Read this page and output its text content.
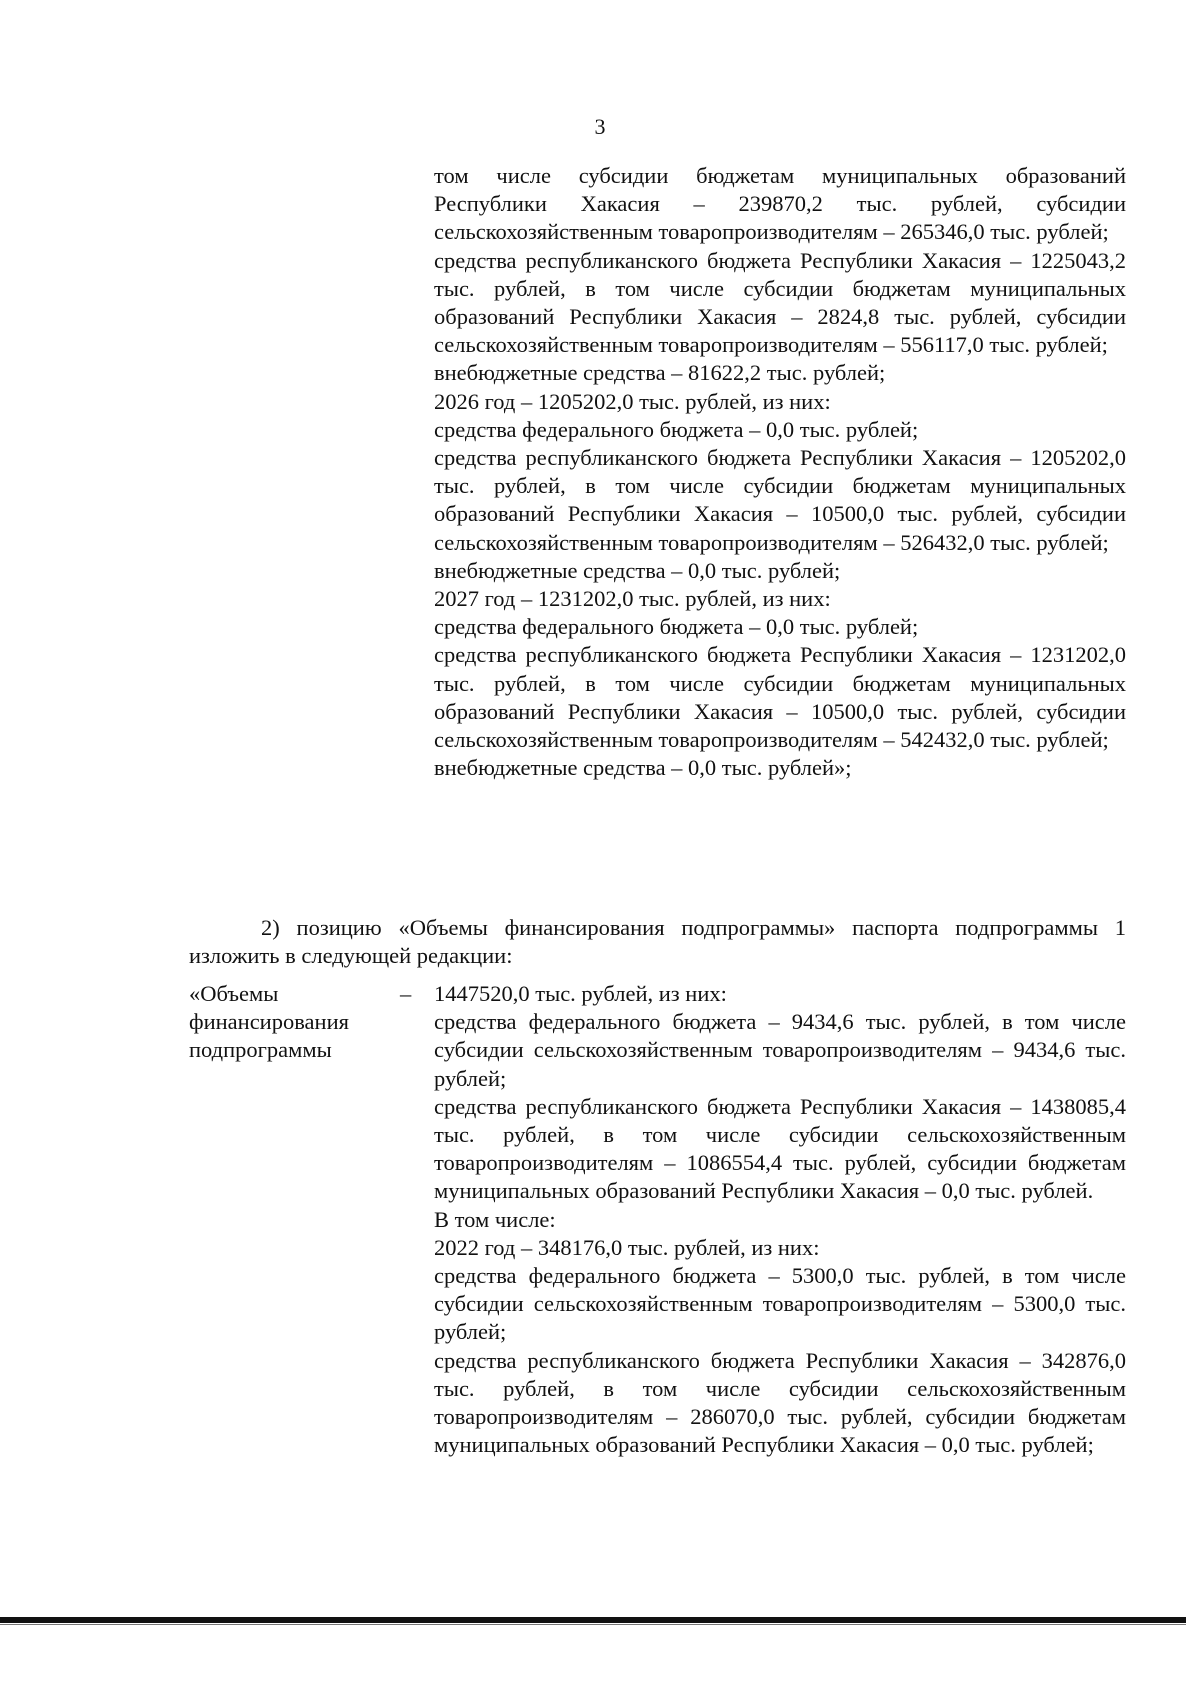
3

том числе субсидии бюджетам муниципальных образований Республики Хакасия – 239870,2 тыс. рублей, субсидии сельскохозяйственным товаропроизводителям – 265346,0 тыс. рублей;

средства республиканского бюджета Республики Хакасия – 1225043,2 тыс. рублей, в том числе субсидии бюджетам муниципальных образований Республики Хакасия – 2824,8 тыс. рублей, субсидии сельскохозяйственным товаропроизводителям – 556117,0 тыс. рублей;

внебюджетные средства – 81622,2 тыс. рублей;

2026 год – 1205202,0 тыс. рублей, из них:

средства федерального бюджета – 0,0 тыс. рублей;

средства республиканского бюджета Республики Хакасия – 1205202,0 тыс. рублей, в том числе субсидии бюджетам муниципальных образований Республики Хакасия – 10500,0 тыс. рублей, субсидии сельскохозяйственным товаропроизводителям – 526432,0 тыс. рублей;

внебюджетные средства – 0,0 тыс. рублей;

2027 год – 1231202,0 тыс. рублей, из них:

средства федерального бюджета – 0,0 тыс. рублей;

средства республиканского бюджета Республики Хакасия – 1231202,0 тыс. рублей, в том числе субсидии бюджетам муниципальных образований Республики Хакасия – 10500,0 тыс. рублей, субсидии сельскохозяйственным товаропроизводителям – 542432,0 тыс. рублей;

внебюджетные средства – 0,0 тыс. рублей»;

2) позицию «Объемы финансирования подпрограммы» паспорта подпрограммы 1 изложить в следующей редакции:

«Объемы
финансирования
подпрограммы
– 1447520,0 тыс. рублей, из них:

средства федерального бюджета – 9434,6 тыс. рублей, в том числе субсидии сельскохозяйственным товаропроизводителям – 9434,6 тыс. рублей;

средства республиканского бюджета Республики Хакасия – 1438085,4 тыс. рублей, в том числе субсидии сельскохозяйственным товаропроизводителям – 1086554,4 тыс. рублей, субсидии бюджетам муниципальных образований Республики Хакасия – 0,0 тыс. рублей.

В том числе:

2022 год – 348176,0 тыс. рублей, из них:

средства федерального бюджета – 5300,0 тыс. рублей, в том числе субсидии сельскохозяйственным товаропроизводителям – 5300,0 тыс. рублей;

средства республиканского бюджета Республики Хакасия – 342876,0 тыс. рублей, в том числе субсидии сельскохозяйственным товаропроизводителям – 286070,0 тыс. рублей, субсидии бюджетам муниципальных образований Республики Хакасия – 0,0 тыс. рублей;
